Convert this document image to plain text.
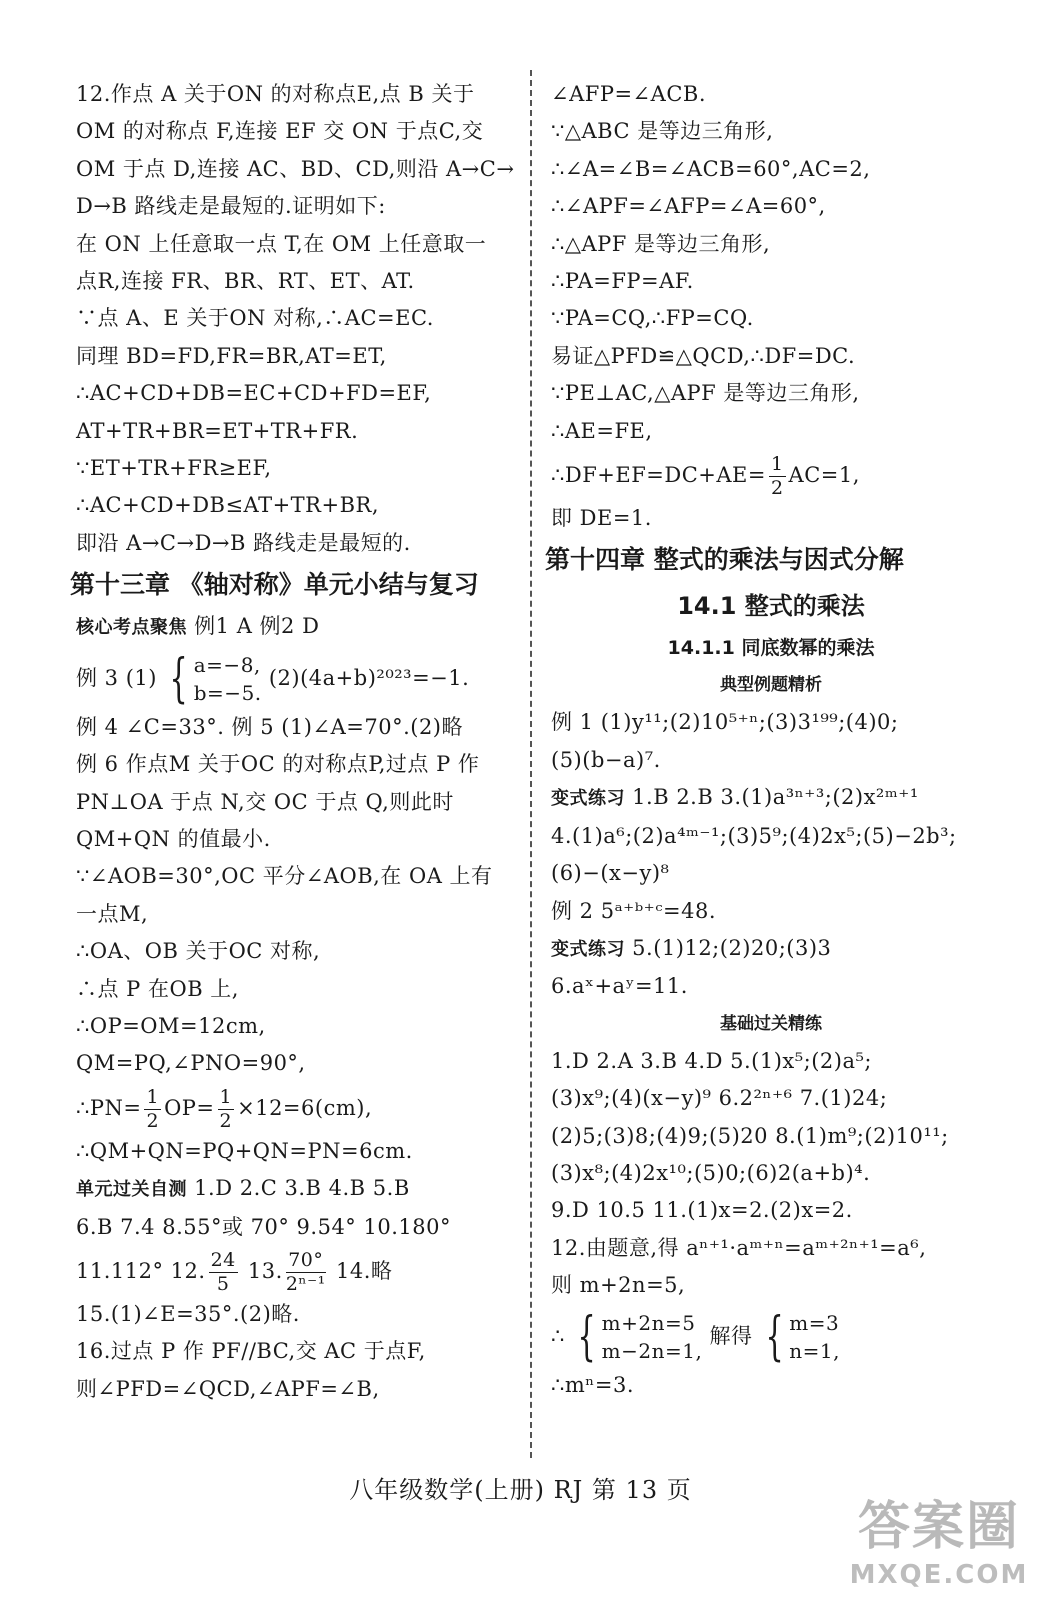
12.作点 A 关于ON 的对称点E,点 B 关于
OM 的对称点 F,连接 EF 交 ON 于点C,交
OM 于点 D,连接 AC、BD、CD,则沿 A→C→
D→B 路线走是最短的.证明如下:
在 ON 上任意取一点 T,在 OM 上任意取一
点R,连接 FR、BR、RT、ET、AT.
∵点 A、E 关于ON 对称,∴AC=EC.
同理 BD=FD,FR=BR,AT=ET,
∴AC+CD+DB=EC+CD+FD=EF,
AT+TR+BR=ET+TR+FR.
∵ET+TR+FR≥EF,
∴AC+CD+DB≤AT+TR+BR,
即沿 A→C→D→B 路线走是最短的.
第十三章 《轴对称》单元小结与复习
核心考点聚焦 例1 A 例2 D
例 3 (1) { a=−8,
b=−5.
(2)(4a+b)²⁰²³=−1.
例 4 ∠C=33°. 例 5 (1)∠A=70°.(2)略
例 6 作点M 关于OC 的对称点P,过点 P 作
PN⊥OA 于点 N,交 OC 于点 Q,则此时
QM+QN 的值最小.
∵∠AOB=30°,OC 平分∠AOB,在 OA 上有
一点M,
∴OA、OB 关于OC 对称,
∴点 P 在OB 上,
∴OP=OM=12cm,
QM=PQ,∠PNO=90°,
∴PN= $\frac{1}{2} OP= \frac{1}{2} \times 12=6(cm)$,
∴QM+QN=PQ+QN=PN=6cm.
单元过关自测 1.D 2.C 3.B 4.B 5.B
6.B 7.4 8.55°或 70° 9.54° 10.180°
11.112° 12. $\frac{24}{5} 13$. $\frac{70^\circ}{\text{2ⁿ⁻¹}} 14$.略
15.(1)∠E=35°.(2)略.
16.过点 P 作 PF//BC,交 AC 于点F,
则∠PFD=∠QCD,∠APF=∠B,
∠AFP=∠ACB.
∵△ABC 是等边三角形,
∴∠A=∠B=∠ACB=60°,AC=2,
∴∠APF=∠AFP=∠A=60°,
∴△APF 是等边三角形,
∴PA=FP=AF.
∵PA=CQ,∴FP=CQ.
易证△PFD≌△QCD,∴DF=DC.
∵PE⊥AC,△APF 是等边三角形,
∴AE=FE,
∴DF+EF=DC+AE= $\frac{1}{2} AC=1$,
即 DE=1.
第十四章 整式的乘法与因式分解
14.1 整式的乘法
14.1.1 同底数幂的乘法
典型例题精析
例 1 (1)y¹¹;(2)10⁵⁺ⁿ;(3)3¹⁹⁹;(4)0;
(5)(b−a)⁷.
变式练习 1.B 2.B 3.(1)a³ⁿ⁺³;(2)x²ᵐ⁺¹
4.(1)a⁶;(2)a⁴ᵐ⁻¹;(3)5⁹;(4)2x⁵;(5)−2b³;
(6)−(x−y)⁸
例 2 5ᵃ⁺ᵇ⁺ᶜ=48.
变式练习 5.(1)12;(2)20;(3)3
6.aˣ+aʸ=11.
基础过关精练
1.D 2.A 3.B 4.D 5.(1)x⁵;(2)a⁵;
(3)x⁹;(4)(x−y)⁹ 6.2²ⁿ⁺⁶ 7.(1)24;
(2)5;(3)8;(4)9;(5)20 8.(1)m⁹;(2)10¹¹;
(3)x⁸;(4)2x¹⁰;(5)0;(6)2(a+b)⁴.
9.D 10.5 11.(1)x=2.(2)x=2.
12.由题意,得 aⁿ⁺¹·aᵐ⁺ⁿ=aᵐ⁺²ⁿ⁺¹=a⁶,
则 m+2n=5,
∴ { m+2n=5
m−2n=1,
解得 { m=3
n=1,
∴mⁿ=3.
八年级数学(上册) RJ 第 13 页
答案圈
MXQE.COM
